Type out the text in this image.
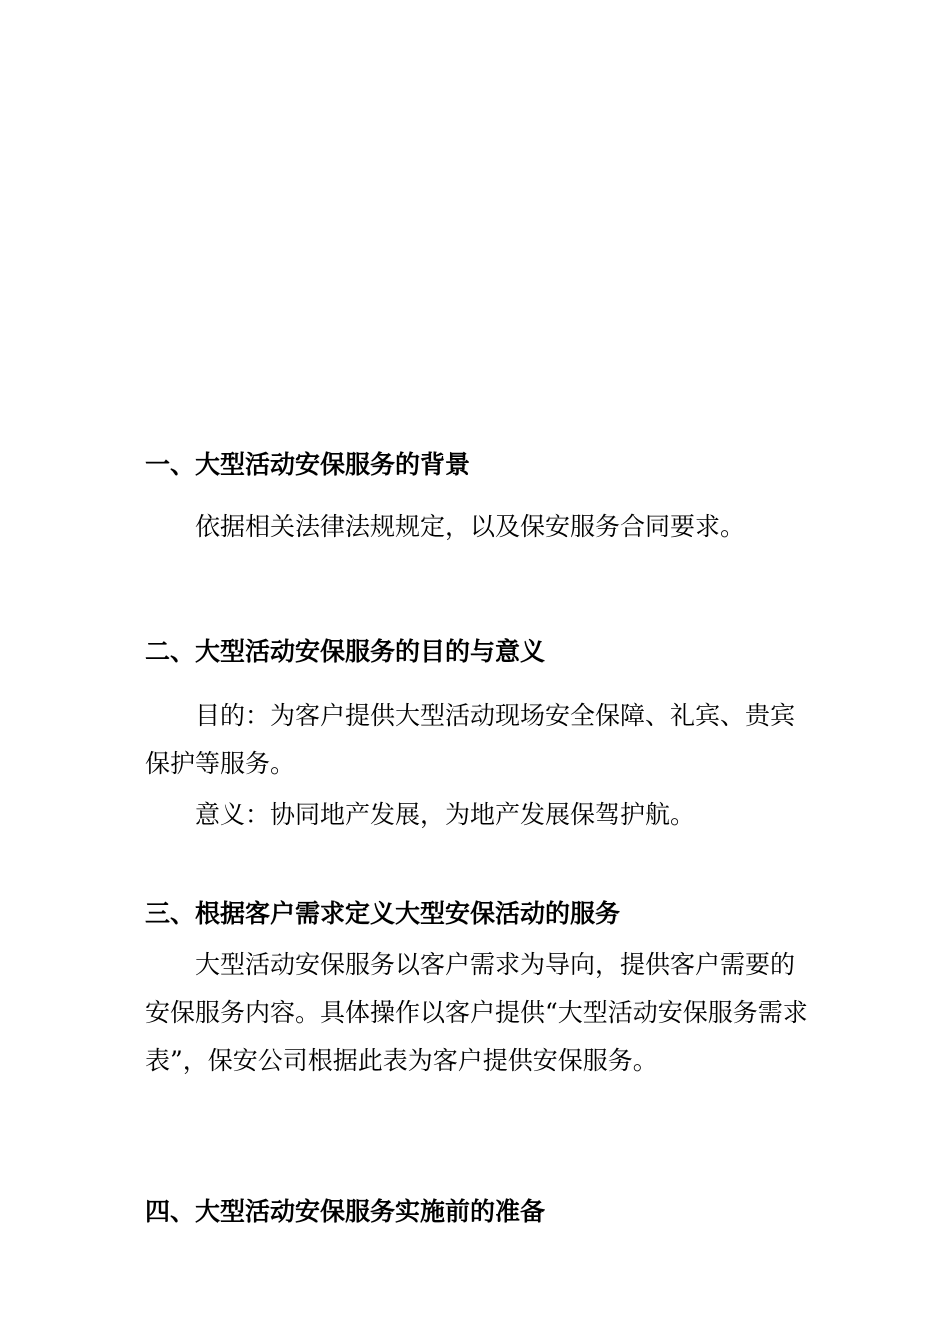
一、大型活动安保服务的背景

依据相关法律法规规定，以及保安服务合同要求。

二、大型活动安保服务的目的与意义

目的：为客户提供大型活动现场安全保障、礼宾、贵宾保护等服务。

意义：协同地产发展，为地产发展保驾护航。

三、根据客户需求定义大型安保活动的服务

大型活动安保服务以客户需求为导向，提供客户需要的安保服务内容。具体操作以客户提供“大型活动安保服务需求表”，保安公司根据此表为客户提供安保服务。

四、大型活动安保服务实施前的准备
